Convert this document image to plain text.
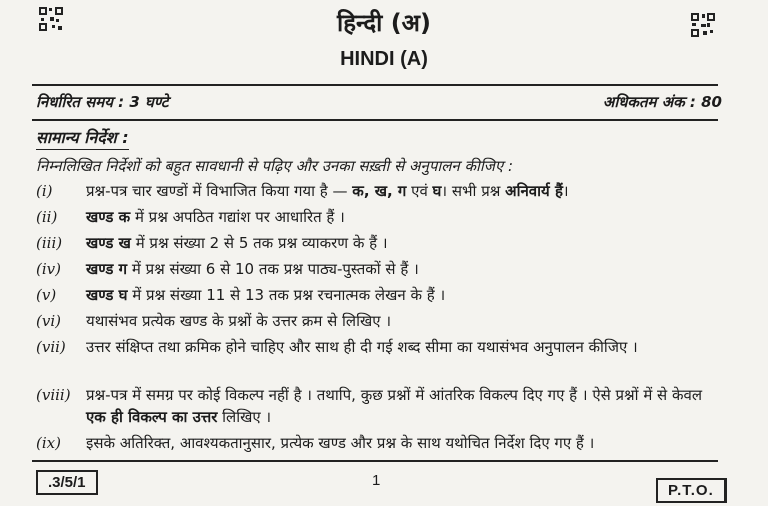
हिन्दी (अ)
HINDI (A)
निर्धारित समय : 3 घण्टे	अधिकतम अंक : 80
सामान्य निर्देश :
निम्नलिखित निर्देशों को बहुत सावधानी से पढ़िए और उनका सख़्ती से अनुपालन कीजिए :
(i)	प्रश्न-पत्र चार खण्डों में विभाजित किया गया है — क, ख, ग एवं घ। सभी प्रश्न अनिवार्य हैं।
(ii)	खण्ड क में प्रश्न अपठित गद्यांश पर आधारित हैं ।
(iii)	खण्ड ख में प्रश्न संख्या 2 से 5 तक प्रश्न व्याकरण के हैं ।
(iv)	खण्ड ग में प्रश्न संख्या 6 से 10 तक प्रश्न पाठ्य-पुस्तकों से हैं ।
(v)	खण्ड घ में प्रश्न संख्या 11 से 13 तक प्रश्न रचनात्मक लेखन के हैं ।
(vi)	यथासंभव प्रत्येक खण्ड के प्रश्नों के उत्तर क्रम से लिखिए ।
(vii)	उत्तर संक्षिप्त तथा क्रमिक होने चाहिए और साथ ही दी गई शब्द सीमा का यथासंभव अनुपालन कीजिए ।
(viii)	प्रश्न-पत्र में समग्र पर कोई विकल्प नहीं है । तथापि, कुछ प्रश्नों में आंतरिक विकल्प दिए गए हैं । ऐसे प्रश्नों में से केवल एक ही विकल्प का उत्तर लिखिए ।
(ix)	इसके अतिरिक्त, आवश्यकतानुसार, प्रत्येक खण्ड और प्रश्न के साथ यथोचित निर्देश दिए गए हैं ।
.3/5/1	1
P.T.O.
